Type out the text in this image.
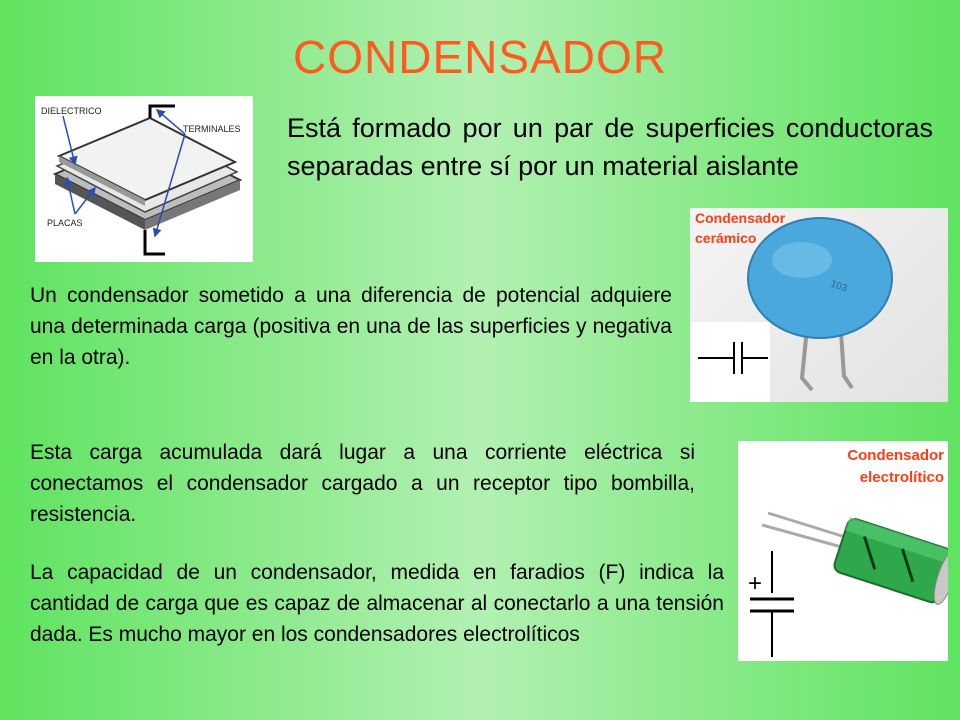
CONDENSADOR
DIELECTRICO
TERMINALES
PLACAS
Está formado por un par de superficies conductoras separadas entre sí por un material aislante
103
Condensador
cerámico
Un condensador sometido a una diferencia de potencial adquiere una determinada carga (positiva en una de las superficies y negativa en la otra).
Esta carga acumulada dará lugar a una corriente eléctrica si conectamos el condensador cargado a un receptor tipo bombilla, resistencia.
+
Condensador
electrolítico
La capacidad de un condensador, medida en faradios (F) indica la cantidad de carga que es capaz de almacenar al conectarlo a una tensión dada. Es mucho mayor en los condensadores electrolíticos
